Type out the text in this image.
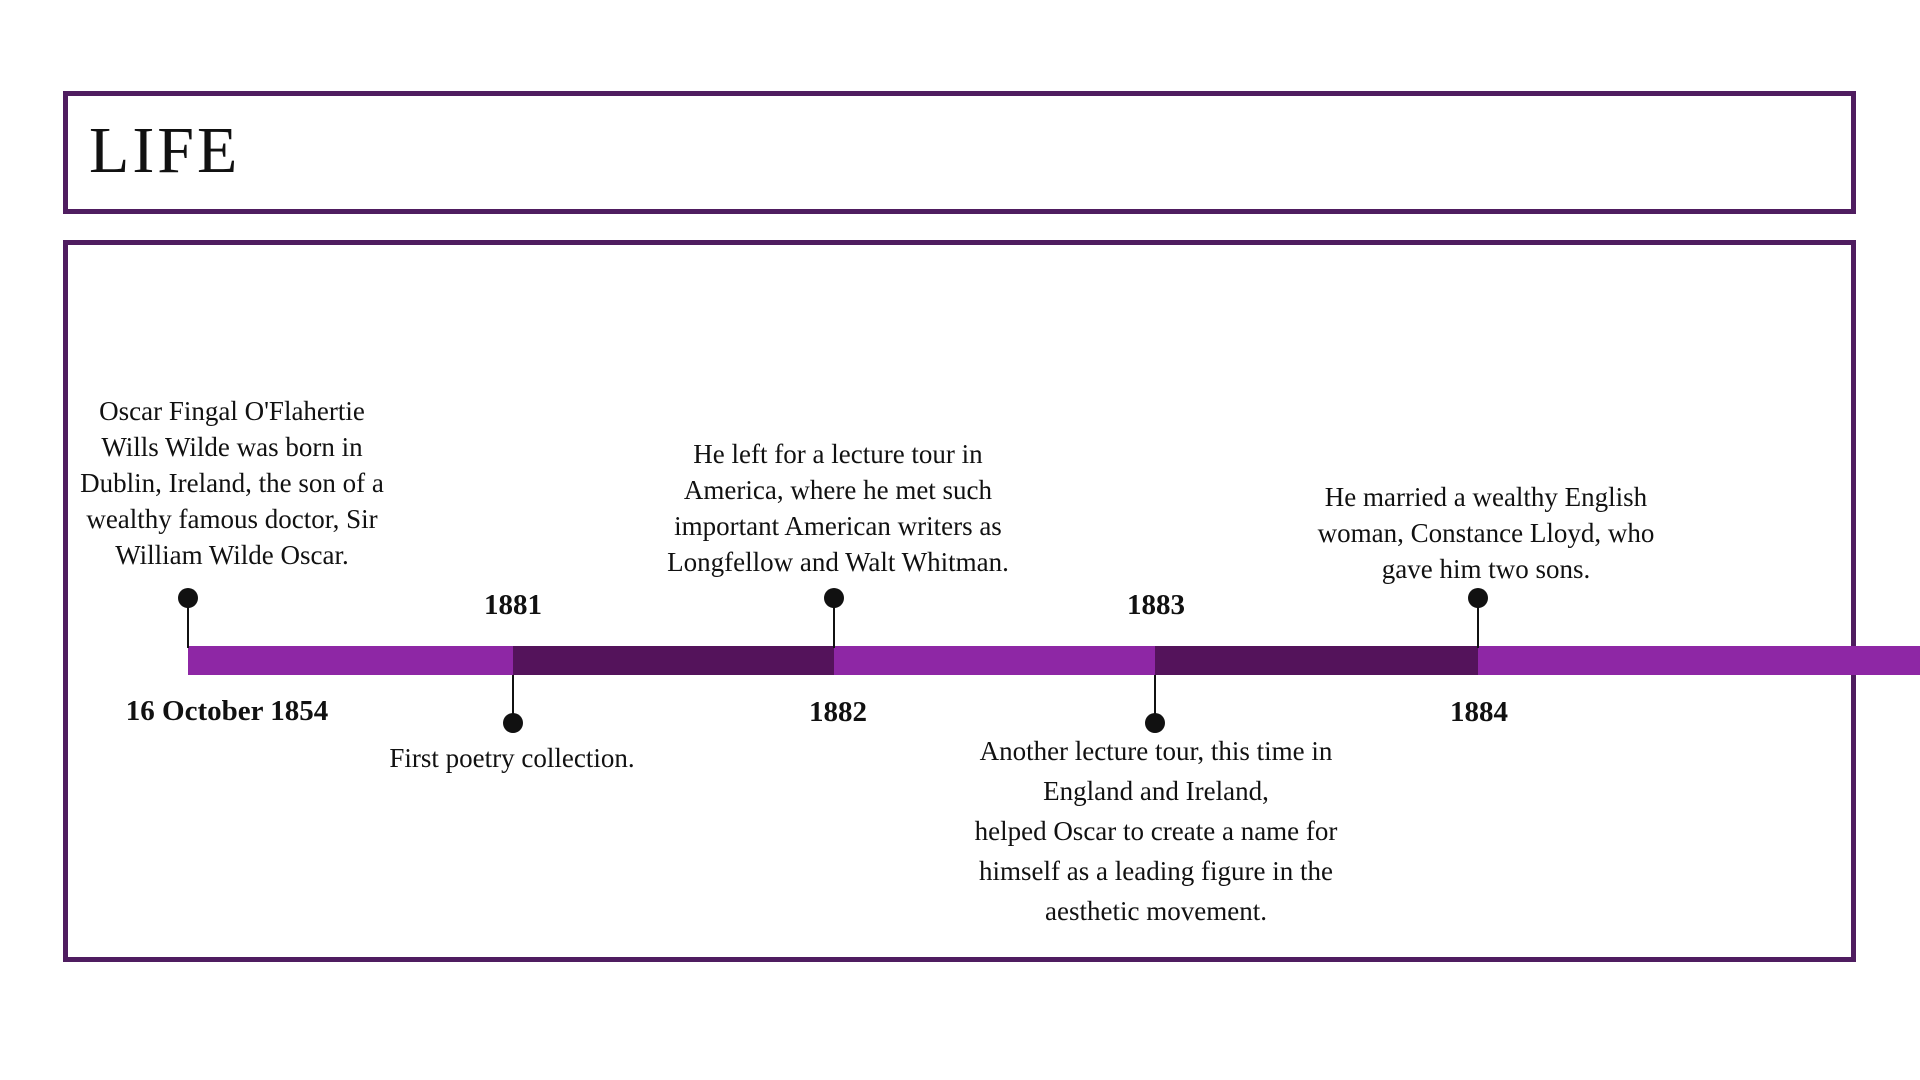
LIFE
16 October 1854
1881
1882
1883
1884
Oscar Fingal O'Flahertie
Wills Wilde was born in
Dublin, Ireland, the son of a
wealthy famous doctor, Sir
William Wilde Oscar.
First poetry collection.
He left for a lecture tour in
America, where he met such
important American writers as
Longfellow and Walt Whitman.
Another lecture tour, this time in
England and Ireland,
helped Oscar to create a name for
himself as a leading figure in the
aesthetic movement.
He married a wealthy English
woman, Constance Lloyd, who
gave him two sons.
